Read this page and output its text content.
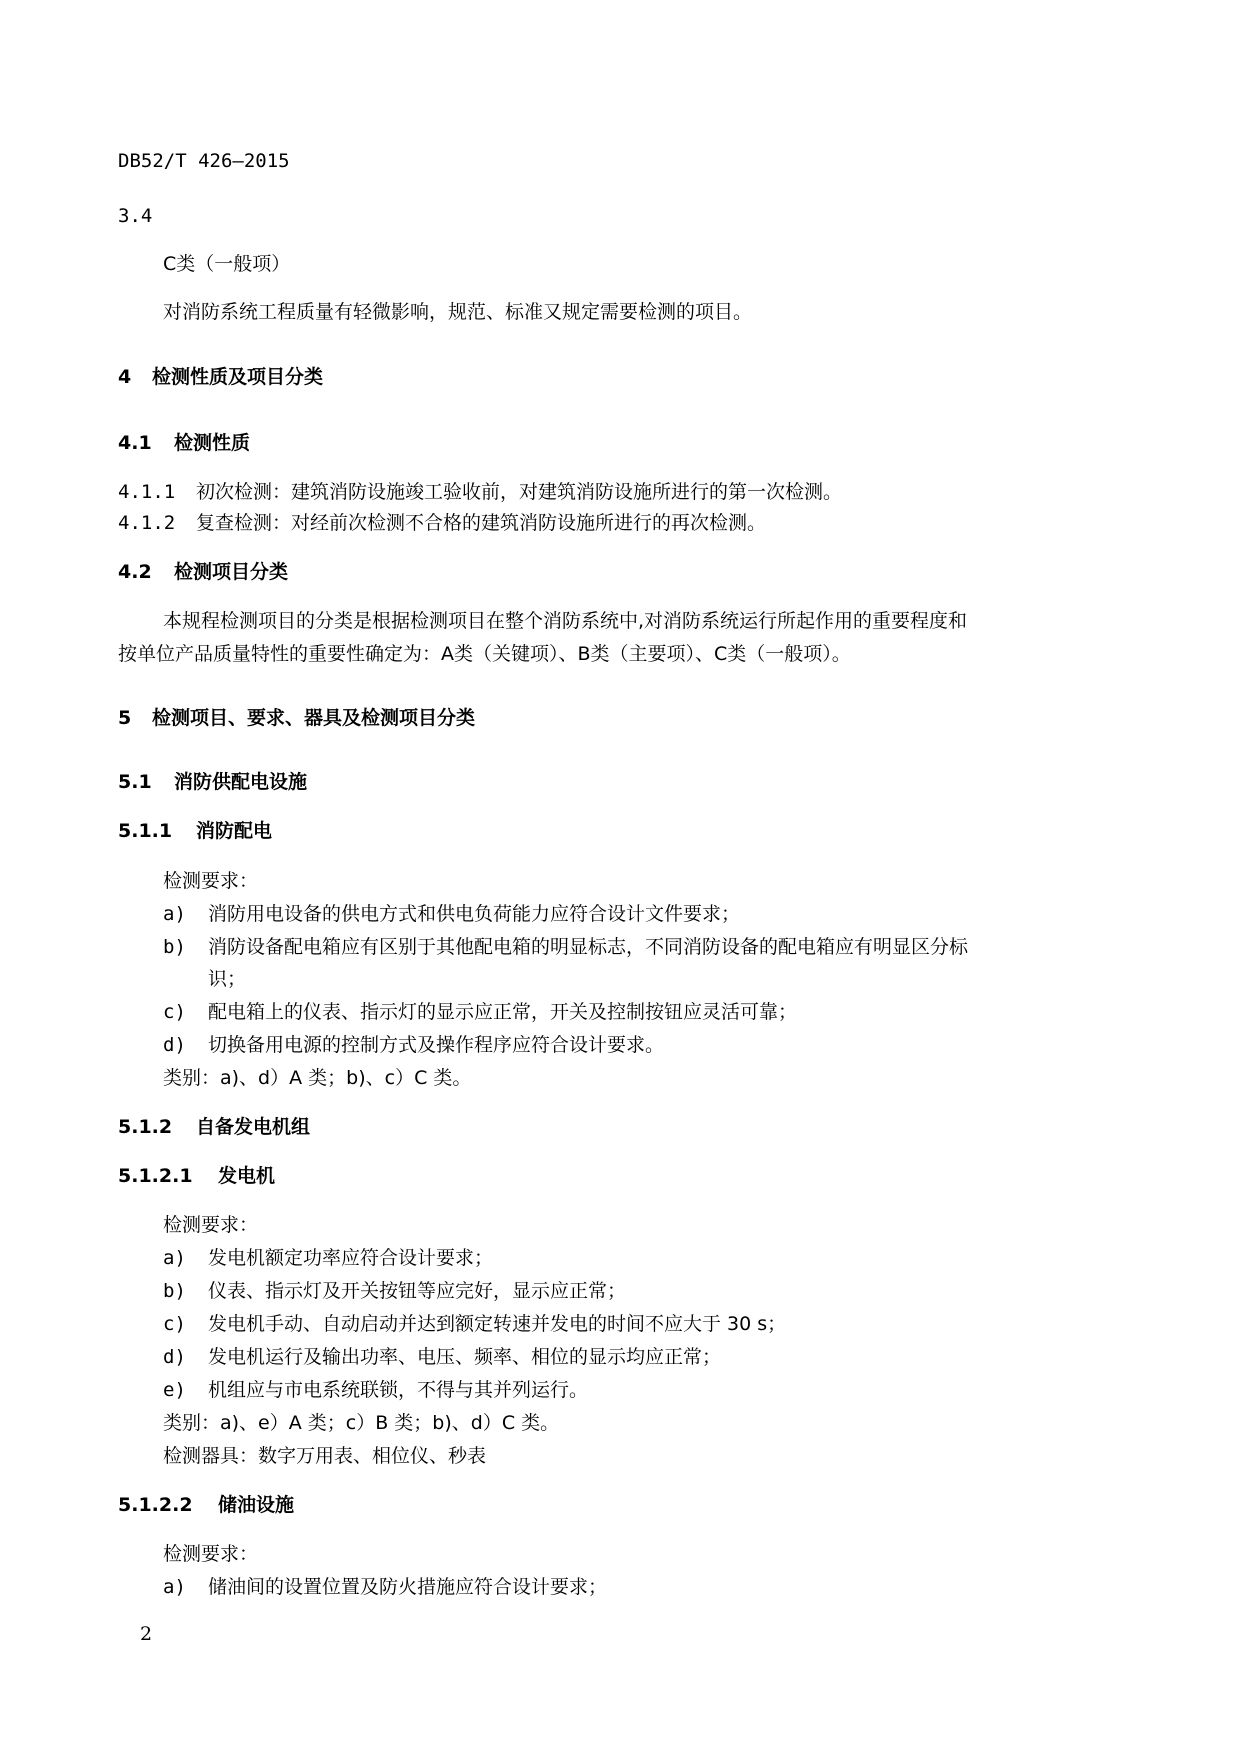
DB52/T 426—2015
3.4
C类（一般项）
对消防系统工程质量有轻微影响，规范、标准又规定需要检测的项目。
4 检测性质及项目分类
4.1 检测性质
4.1.1 初次检测：建筑消防设施竣工验收前，对建筑消防设施所进行的第一次检测。
4.1.2 复查检测：对经前次检测不合格的建筑消防设施所进行的再次检测。
4.2 检测项目分类
本规程检测项目的分类是根据检测项目在整个消防系统中,对消防系统运行所起作用的重要程度和
按单位产品质量特性的重要性确定为：A类（关键项）、B类（主要项）、C类（一般项）。
5 检测项目、要求、器具及检测项目分类
5.1 消防供配电设施
5.1.1 消防配电
检测要求：
a) 消防用电设备的供电方式和供电负荷能力应符合设计文件要求；
b) 消防设备配电箱应有区别于其他配电箱的明显标志，不同消防设备的配电箱应有明显区分标
识；
c) 配电箱上的仪表、指示灯的显示应正常，开关及控制按钮应灵活可靠；
d) 切换备用电源的控制方式及操作程序应符合设计要求。
类别：a)、d）A 类；b)、c）C 类。
5.1.2 自备发电机组
5.1.2.1 发电机
检测要求：
a) 发电机额定功率应符合设计要求；
b) 仪表、指示灯及开关按钮等应完好，显示应正常；
c) 发电机手动、自动启动并达到额定转速并发电的时间不应大于 30 s；
d) 发电机运行及输出功率、电压、频率、相位的显示均应正常；
e) 机组应与市电系统联锁，不得与其并列运行。
类别：a)、e）A 类；c）B 类；b)、d）C 类。
检测器具：数字万用表、相位仪、秒表
5.1.2.2 储油设施
检测要求：
a) 储油间的设置位置及防火措施应符合设计要求；
2
